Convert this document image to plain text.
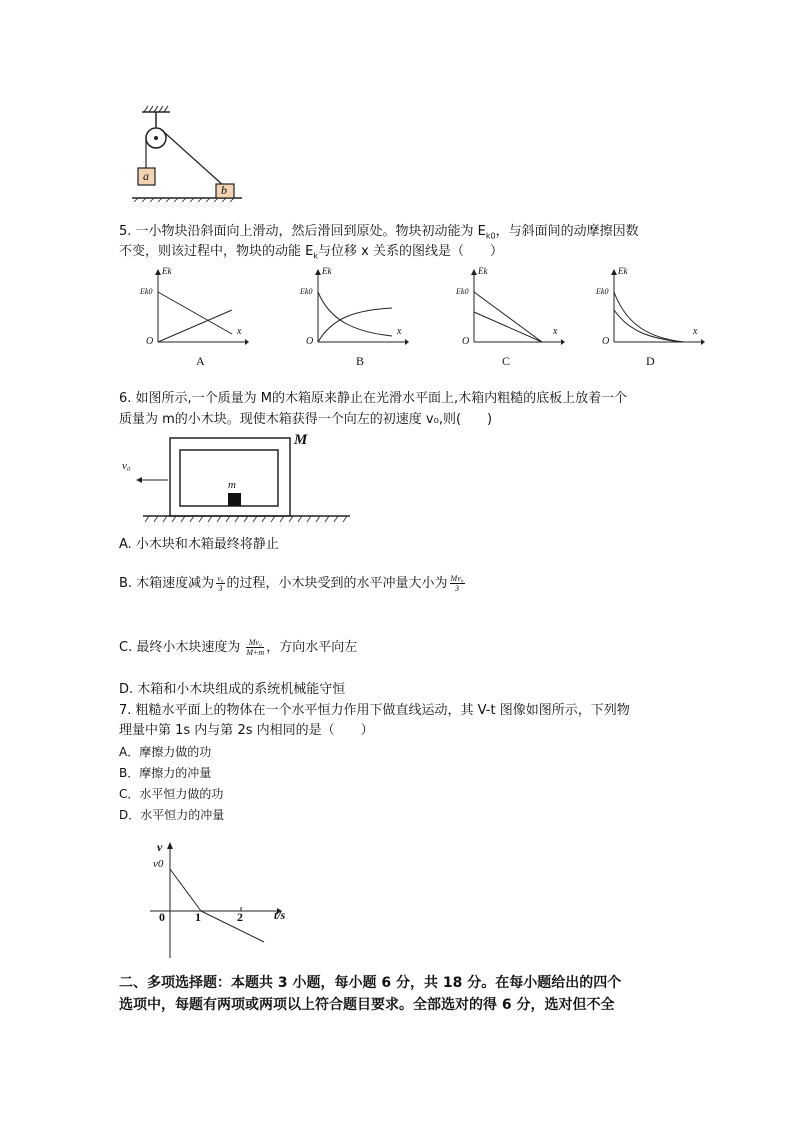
a
b
5. 一小物块沿斜面向上滑动，然后滑回到原处。物块初动能为 $E_{k0}$，与斜面间的动摩擦因数
不变，则该过程中，物块的动能 $E_k$与位移 x 关系的图线是（　　）
Ek
Ek0
O
x
A
Ek
Ek0
O
x
B
Ek
Ek0
O
x
C
Ek
Ek0
O
x
D
6. 如图所示,一个质量为 M的木箱原来静止在光滑水平面上,木箱内粗糙的底板上放着一个
质量为 m的小木块。现使木箱获得一个向左的初速度 v₀,则(　　)
M
m
v₀
A. 小木块和木箱最终将静止
B. 木箱速度减为 $\frac{\text{v₀}}{3}$ 的过程，小木块受到的水平冲量大小为 $\frac{\text{Mv₀}}{3}$
C. 最终小木块速度为 $\frac{\text{Mv₀}}{M+m}$ ，方向水平向左
D. 木箱和小木块组成的系统机械能守恒
7. 粗糙水平面上的物体在一个水平恒力作用下做直线运动，其 V-t 图像如图所示，下列物
理量中第 1s 内与第 2s 内相同的是（　　）
A．摩擦力做的功
B．摩擦力的冲量
C．水平恒力做的功
D．水平恒力的冲量
v
v0
0	1	2	t/s
二、多项选择题：本题共 3 小题，每小题 6 分，共 18 分。在每小题给出的四个
选项中，每题有两项或两项以上符合题目要求。全部选对的得 6 分，选对但不全
